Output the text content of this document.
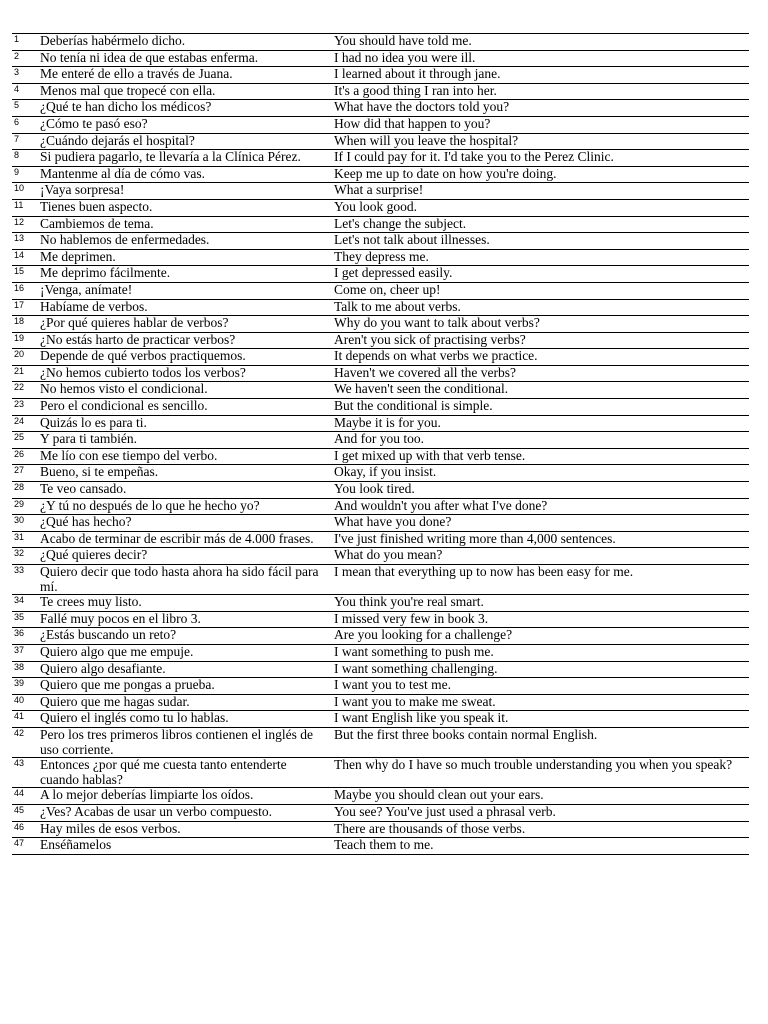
1	Deberías habérmelo dicho.	You should have told me.
2	No tenía ni idea de que estabas enferma.	I had no idea you were ill.
3	Me enteré de ello a través de Juana.	I learned about it through jane.
4	Menos mal que tropecé con ella.	It's a good thing I ran into her.
5	¿Qué te han dicho los médicos?	What have the doctors told you?
6	¿Cómo te pasó eso?	How did that happen to you?
7	¿Cuándo dejarás el hospital?	When will you leave the hospital?
8	Si pudiera pagarlo, te llevaría a la Clínica Pérez.	If I could pay for it. I'd take you to the Perez Clinic.
9	Mantenme al día de cómo vas.	Keep me up to date on how you're doing.
10	¡Vaya sorpresa!	What a surprise!
11	Tienes buen aspecto.	You look good.
12	Cambiemos de tema.	Let's change the subject.
13	No hablemos de enfermedades.	Let's not talk about illnesses.
14	Me deprimen.	They depress me.
15	Me deprimo fácilmente.	I get depressed easily.
16	¡Venga, anímate!	Come on, cheer up!
17	Habíame de verbos.	Talk to me about verbs.
18	¿Por qué quieres hablar de verbos?	Why do you want to talk about verbs?
19	¿No estás harto de practicar verbos?	Aren't you sick of practising verbs?
20	Depende de qué verbos practiquemos.	It depends on what verbs we practice.
21	¿No hemos cubierto todos los verbos?	Haven't we covered all the verbs?
22	No hemos visto el condicional.	We haven't seen the conditional.
23	Pero el condicional es sencillo.	But the conditional is simple.
24	Quizás lo es para ti.	Maybe it is for you.
25	Y para ti también.	And for you too.
26	Me lío con ese tiempo del verbo.	I get mixed up with that verb tense.
27	Bueno, si te empeñas.	Okay, if you insist.
28	Te veo cansado.	You look tired.
29	¿Y tú no después de lo que he hecho yo?	And wouldn't you after what I've done?
30	¿Qué has hecho?	What have you done?
31	Acabo de terminar de escribir más de 4.000 frases.	I've just finished writing more than 4,000 sentences.
32	¿Qué quieres decir?	What do you mean?
33	Quiero decir que todo hasta ahora ha sido fácil para mí.	I mean that everything up to now has been easy for me.
34	Te crees muy listo.	You think you're real smart.
35	Fallé muy pocos en el libro 3.	I missed very few in book 3.
36	¿Estás buscando un reto?	Are you looking for a challenge?
37	Quiero algo que me empuje.	I want something to push me.
38	Quiero algo desafiante.	I want something challenging.
39	Quiero que me pongas a prueba.	I want you to test me.
40	Quiero que me hagas sudar.	I want you to make me sweat.
41	Quiero el inglés como tu lo hablas.	I want English like you speak it.
42	Pero los tres primeros libros contienen el inglés de uso corriente.	But the first three books contain normal English.
43	Entonces ¿por qué me cuesta tanto entenderte cuando hablas?	Then why do I have so much trouble understanding you when you speak?
44	A lo mejor deberías limpiarte los oídos.	Maybe you should clean out your ears.
45	¿Ves? Acabas de usar un verbo compuesto.	You see? You've just used a phrasal verb.
46	Hay miles de esos verbos.	There are thousands of those verbs.
47	Enséñamelos	Teach them to me.
